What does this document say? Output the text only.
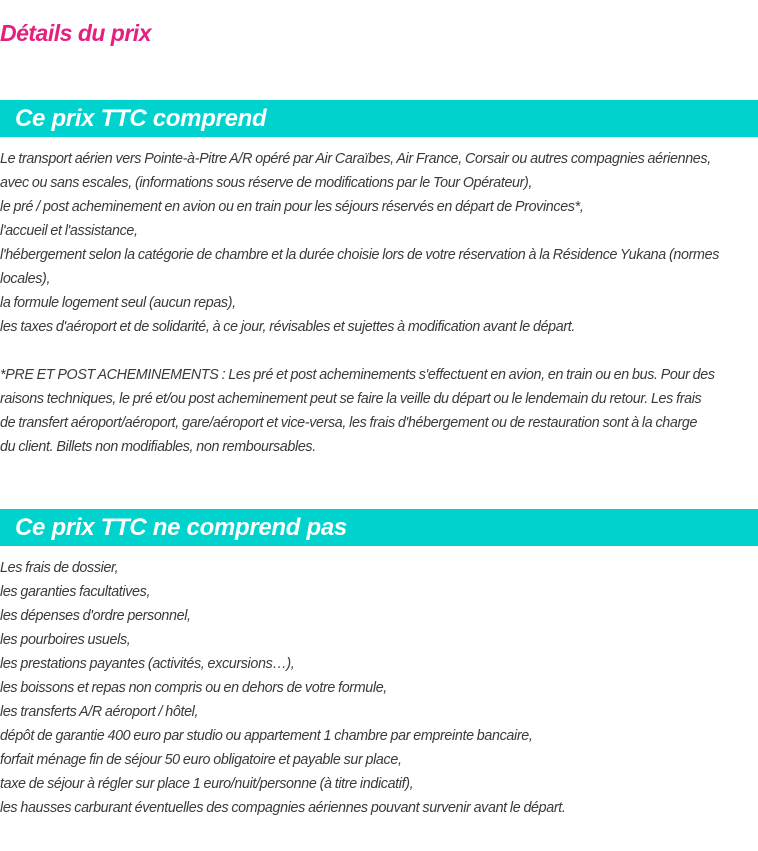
Détails du prix
Ce prix TTC comprend
Le transport aérien vers Pointe-à-Pitre A/R opéré par Air Caraïbes, Air France, Corsair ou autres compagnies aériennes,
avec ou sans escales, (informations sous réserve de modifications par le Tour Opérateur),
le pré / post acheminement en avion ou en train pour les séjours réservés en départ de Provinces*,
l'accueil et l'assistance,
l'hébergement selon la catégorie de chambre et la durée choisie lors de votre réservation à la Résidence Yukana (normes
locales),
la formule logement seul (aucun repas),
les taxes d'aéroport et de solidarité, à ce jour, révisables et sujettes à modification avant le départ.
*PRE ET POST ACHEMINEMENTS : Les pré et post acheminements s'effectuent en avion, en train ou en bus. Pour des
raisons techniques, le pré et/ou post acheminement peut se faire la veille du départ ou le lendemain du retour. Les frais
de transfert aéroport/aéroport, gare/aéroport et vice-versa, les frais d'hébergement ou de restauration sont à la charge
du client. Billets non modifiables, non remboursables.
Ce prix TTC ne comprend pas
Les frais de dossier,
les garanties facultatives,
les dépenses d'ordre personnel,
les pourboires usuels,
les prestations payantes (activités, excursions…),
les boissons et repas non compris ou en dehors de votre formule,
les transferts A/R aéroport / hôtel,
dépôt de garantie 400 euro par studio ou appartement 1 chambre par empreinte bancaire,
forfait ménage fin de séjour 50 euro obligatoire et payable sur place,
taxe de séjour à régler sur place 1 euro/nuit/personne (à titre indicatif),
les hausses carburant éventuelles des compagnies aériennes pouvant survenir avant le départ.
